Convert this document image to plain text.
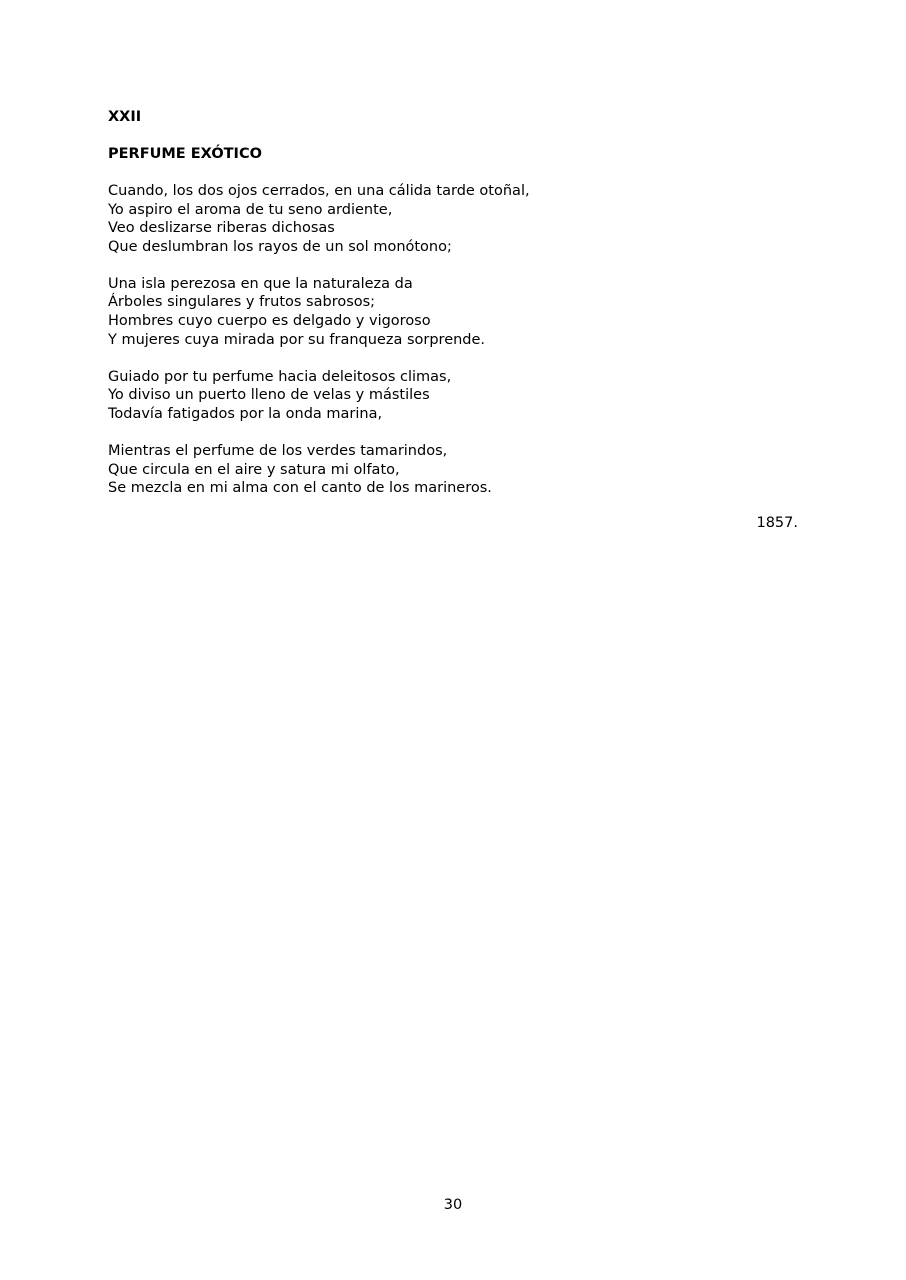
XXII

PERFUME EXÓTICO

Cuando, los dos ojos cerrados, en una cálida tarde otoñal,
Yo aspiro el aroma de tu seno ardiente,
Veo deslizarse riberas dichosas
Que deslumbran los rayos de un sol monótono;
Una isla perezosa en que la naturaleza da
Árboles singulares y frutos sabrosos;
Hombres cuyo cuerpo es delgado y vigoroso
Y mujeres cuya mirada por su franqueza sorprende.
Guiado por tu perfume hacia deleitosos climas,
Yo diviso un puerto lleno de velas y mástiles
Todavía fatigados por la onda marina,
Mientras el perfume de los verdes tamarindos,
Que circula en el aire y satura mi olfato,
Se mezcla en mi alma con el canto de los marineros.
1857.
30
